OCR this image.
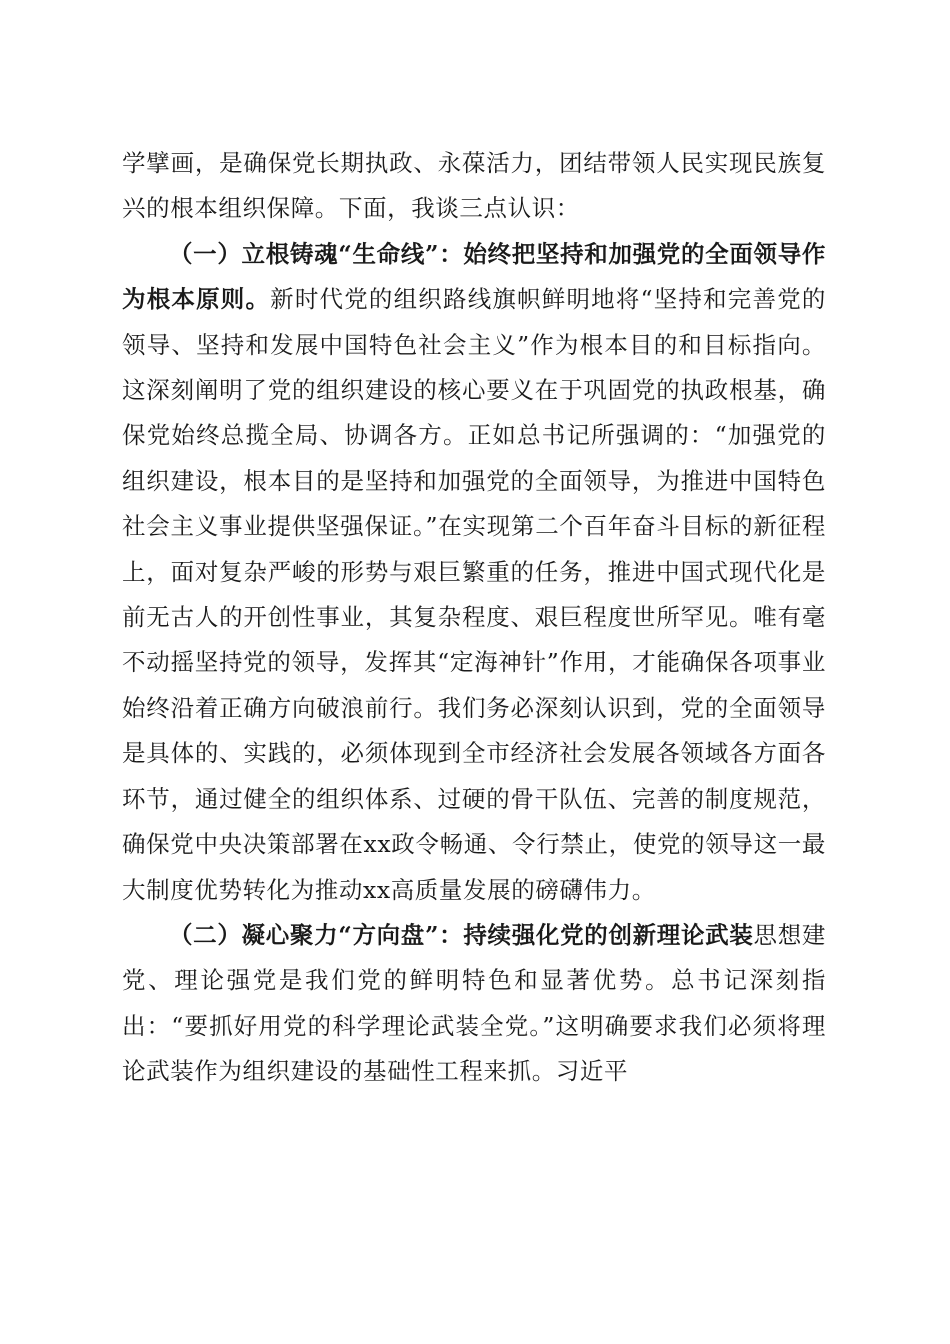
学擘画，是确保党长期执政、永葆活力，团结带领人民实现民族复兴的根本组织保障。下面，我谈三点认识：

（一）立根铸魂“生命线”：始终把坚持和加强党的全面领导作为根本原则。新时代党的组织路线旗帜鲜明地将“坚持和完善党的领导、坚持和发展中国特色社会主义”作为根本目的和目标指向。这深刻阐明了党的组织建设的核心要义在于巩固党的执政根基，确保党始终总揽全局、协调各方。正如总书记所强调的：“加强党的组织建设，根本目的是坚持和加强党的全面领导，为推进中国特色社会主义事业提供坚强保证。”在实现第二个百年奋斗目标的新征程上，面对复杂严峻的形势与艰巨繁重的任务，推进中国式现代化是前无古人的开创性事业，其复杂程度、艰巨程度世所罕见。唯有毫不动摇坚持党的领导，发挥其“定海神针”作用，才能确保各项事业始终沿着正确方向破浪前行。我们务必深刻认识到，党的全面领导是具体的、实践的，必须体现到全市经济社会发展各领域各方面各环节，通过健全的组织体系、过硬的骨干队伍、完善的制度规范，确保党中央决策部署在xx政令畅通、令行禁止，使党的领导这一最大制度优势转化为推动xx高质量发展的磅礴伟力。

（二）凝心聚力“方向盘”：持续强化党的创新理论武装思想建党、理论强党是我们党的鲜明特色和显著优势。总书记深刻指出：“要抓好用党的科学理论武装全党。”这明确要求我们必须将理论武装作为组织建设的基础性工程来抓。习近平
